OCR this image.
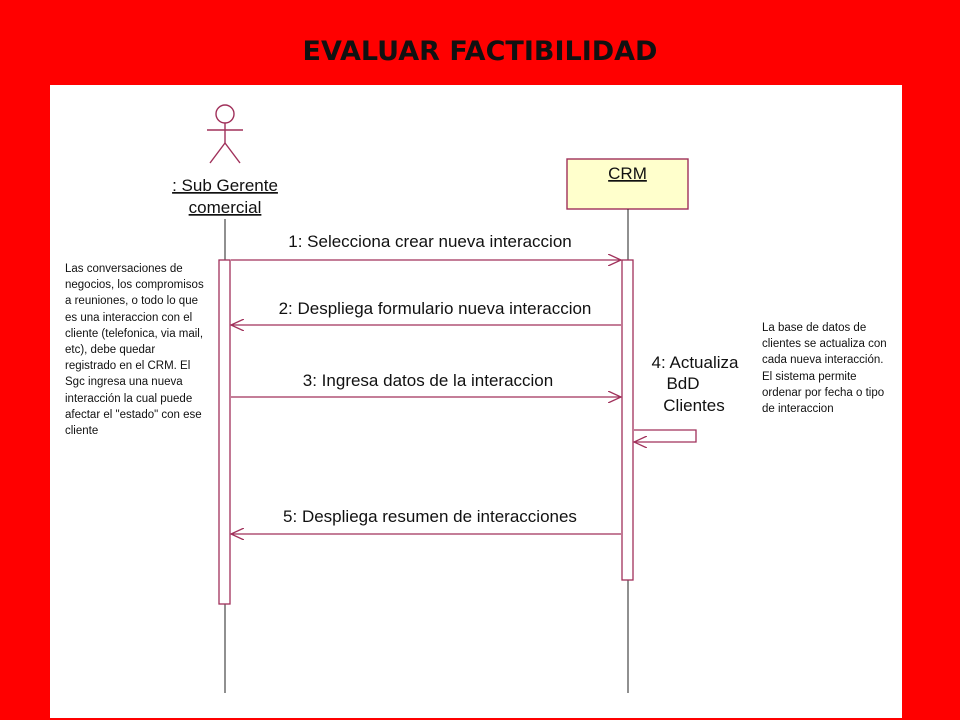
EVALUAR FACTIBILIDAD
: Sub Gerente
comercial
CRM
1: Selecciona crear nueva interaccion
2: Despliega formulario nueva interaccion
3: Ingresa datos de la interaccion
4: Actualiza
BdD
Clientes
5: Despliega resumen de interacciones
Las conversaciones de negocios, los compromisos a reuniones, o todo lo que es una interaccion con el cliente (telefonica, via mail, etc), debe quedar registrado en el CRM. El Sgc ingresa una nueva interacción la cual puede afectar el "estado" con ese cliente
La base de datos de clientes se actualiza con cada nueva interacción. El sistema permite ordenar por fecha o tipo de interaccion
